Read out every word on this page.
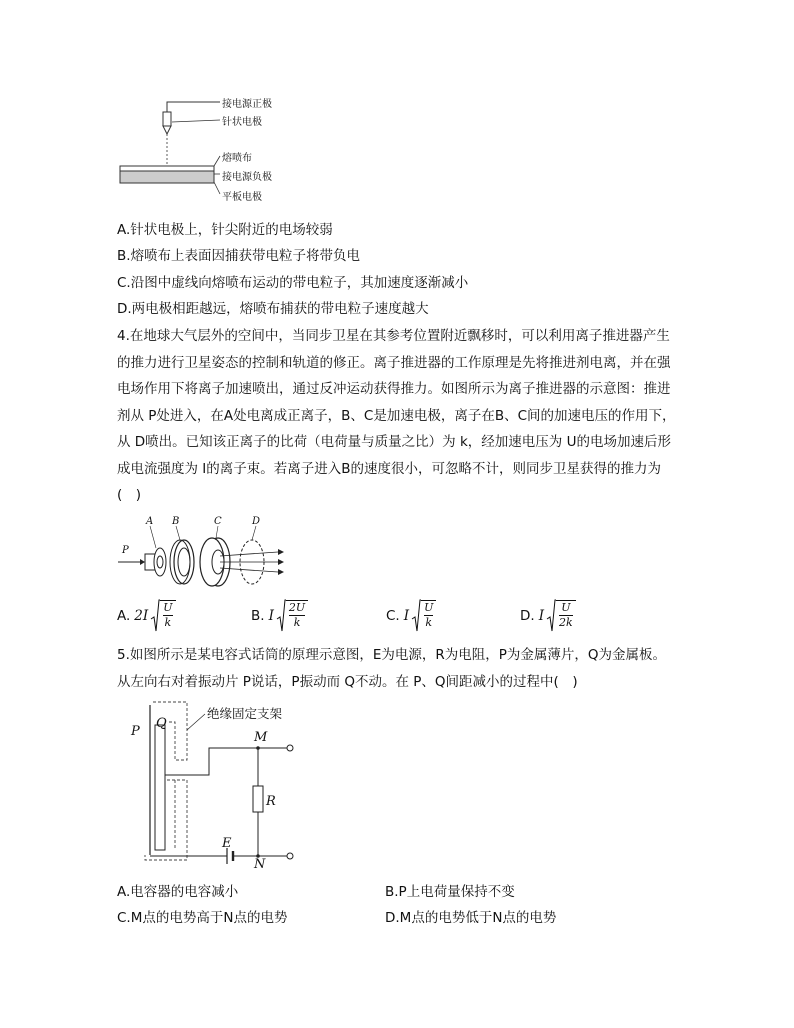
接电源正极
针状电极
熔喷布
接电源负极
平板电极
A.针状电极上，针尖附近的电场较弱
B.熔喷布上表面因捕获带电粒子将带负电
C.沿图中虚线向熔喷布运动的带电粒子，其加速度逐渐减小
D.两电极相距越远，熔喷布捕获的带电粒子速度越大
4.在地球大气层外的空间中，当同步卫星在其参考位置附近飘移时，可以利用离子推进器产生的推力进行卫星姿态的控制和轨道的修正。离子推进器的工作原理是先将推进剂电离，并在强电场作用下将离子加速喷出，通过反冲运动获得推力。如图所示为离子推进器的示意图：推进剂从 P处进入，在A处电离成正离子，B、C是加速电极，离子在B、C间的加速电压的作用下，从 D喷出。已知该正离子的比荷（电荷量与质量之比）为 k，经加速电压为 U的电场加速后形成电流强度为 I的离子束。若离子进入B的速度很小，可忽略不计，则同步卫星获得的推力为(　)
A B	C	D
P
A. 2I
U
k	B. I
2U
k	C. I
U
k	D. I
U
2k
5.如图所示是某电容式话筒的原理示意图，E为电源，R为电阻，P为金属薄片，Q为金属板。从左向右对着振动片 P说话，P振动而 Q不动。在 P、Q间距减小的过程中(　)
绝缘固定支架
P
Q
M
R
E
N
A.电容器的电容减小	B.P上电荷量保持不变
C.M点的电势高于N点的电势	D.M点的电势低于N点的电势
